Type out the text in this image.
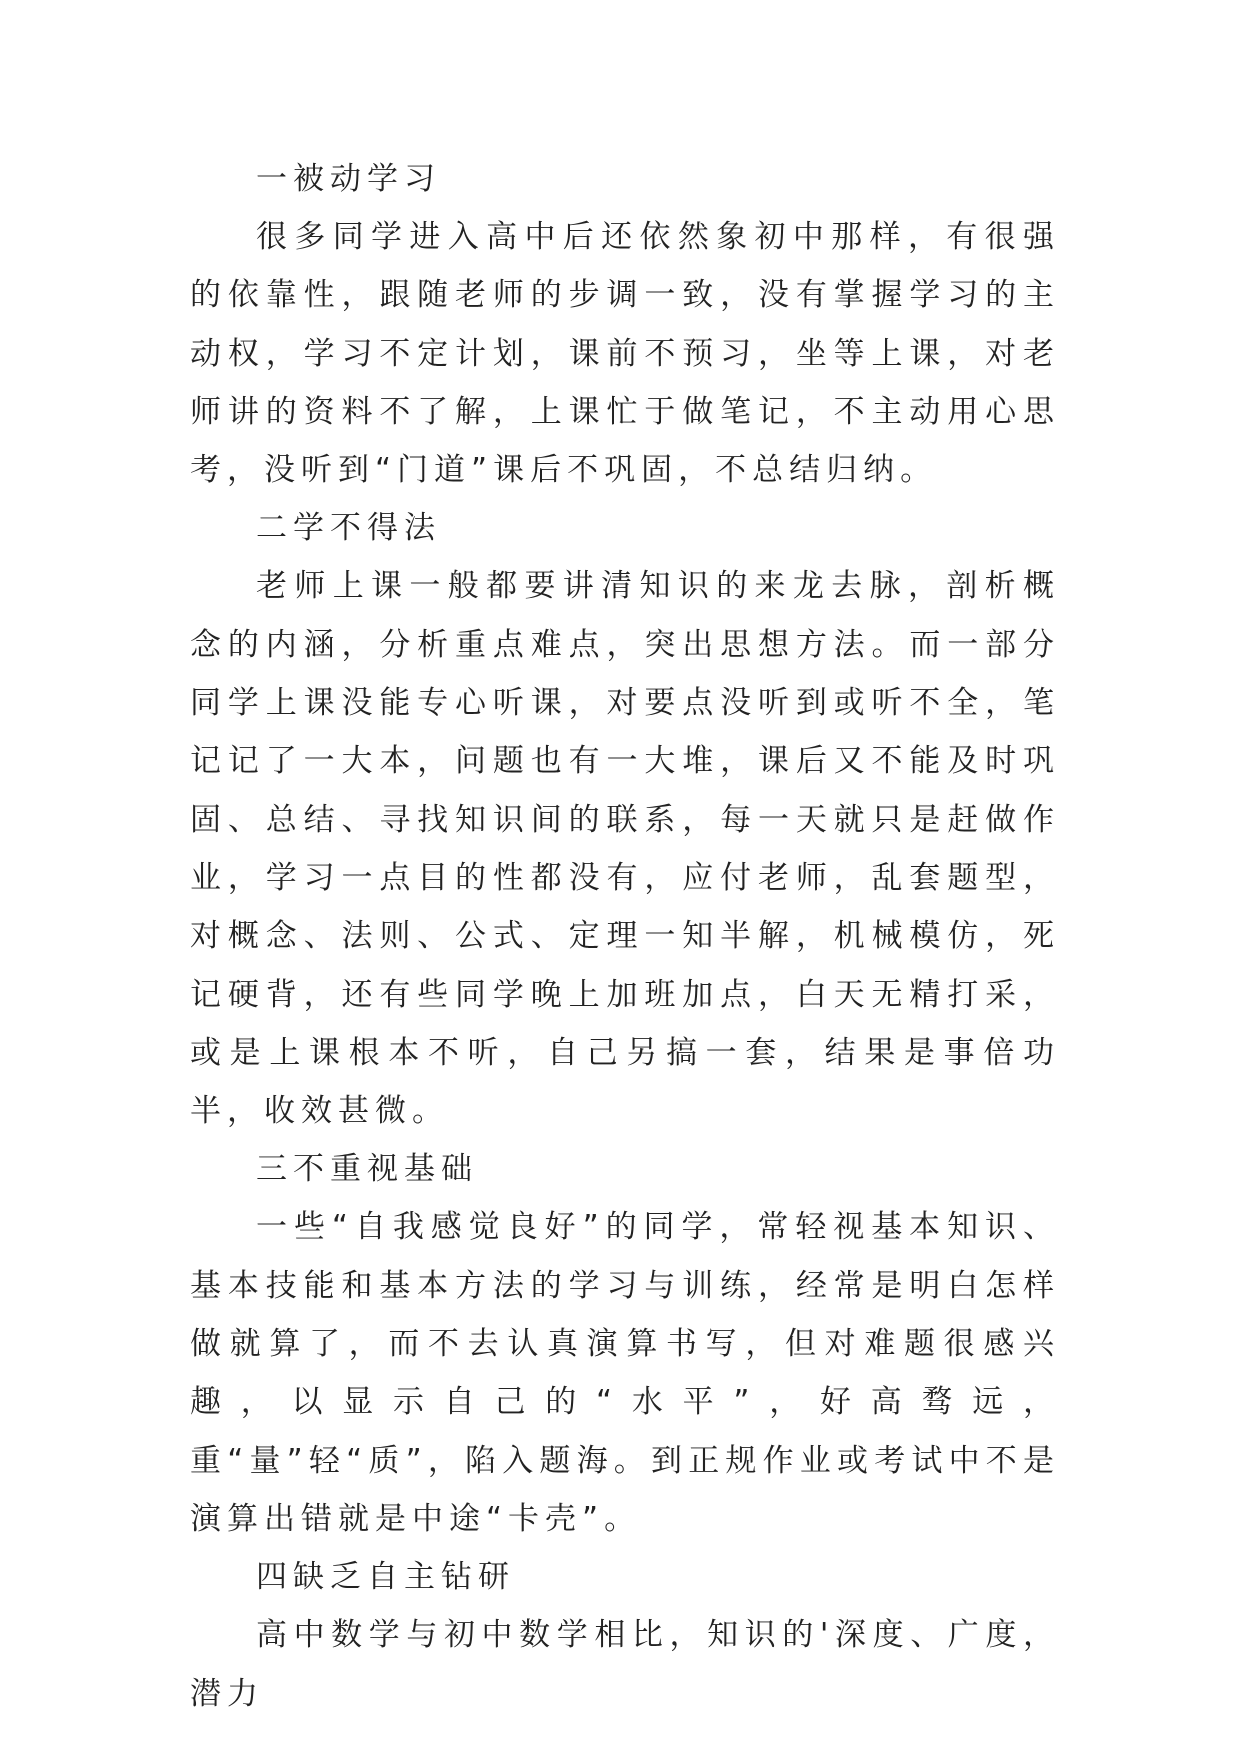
一被动学习

很多同学进入高中后还依然象初中那样，有很强的依靠性，跟随老师的步调一致，没有掌握学习的主动权，学习不定计划，课前不预习，坐等上课，对老师讲的资料不了解，上课忙于做笔记，不主动用心思考，没听到“门道”课后不巩固，不总结归纳。

二学不得法

老师上课一般都要讲清知识的来龙去脉，剖析概念的内涵，分析重点难点，突出思想方法。而一部分同学上课没能专心听课，对要点没听到或听不全，笔记记了一大本，问题也有一大堆，课后又不能及时巩固、总结、寻找知识间的联系，每一天就只是赶做作业，学习一点目的性都没有，应付老师，乱套题型，对概念、法则、公式、定理一知半解，机械模仿，死记硬背，还有些同学晚上加班加点，白天无精打采，或是上课根本不听，自己另搞一套，结果是事倍功半，收效甚微。

三不重视基础

一些“自我感觉良好”的同学，常轻视基本知识、基本技能和基本方法的学习与训练，经常是明白怎样做就算了，而不去认真演算书写，但对难题很感兴趣，以显示自己的“水平”，好高骛远，重“量”轻“质”，陷入题海。到正规作业或考试中不是演算出错就是中途“卡壳”。

四缺乏自主钻研

高中数学与初中数学相比，知识的'深度、广度，潜力
